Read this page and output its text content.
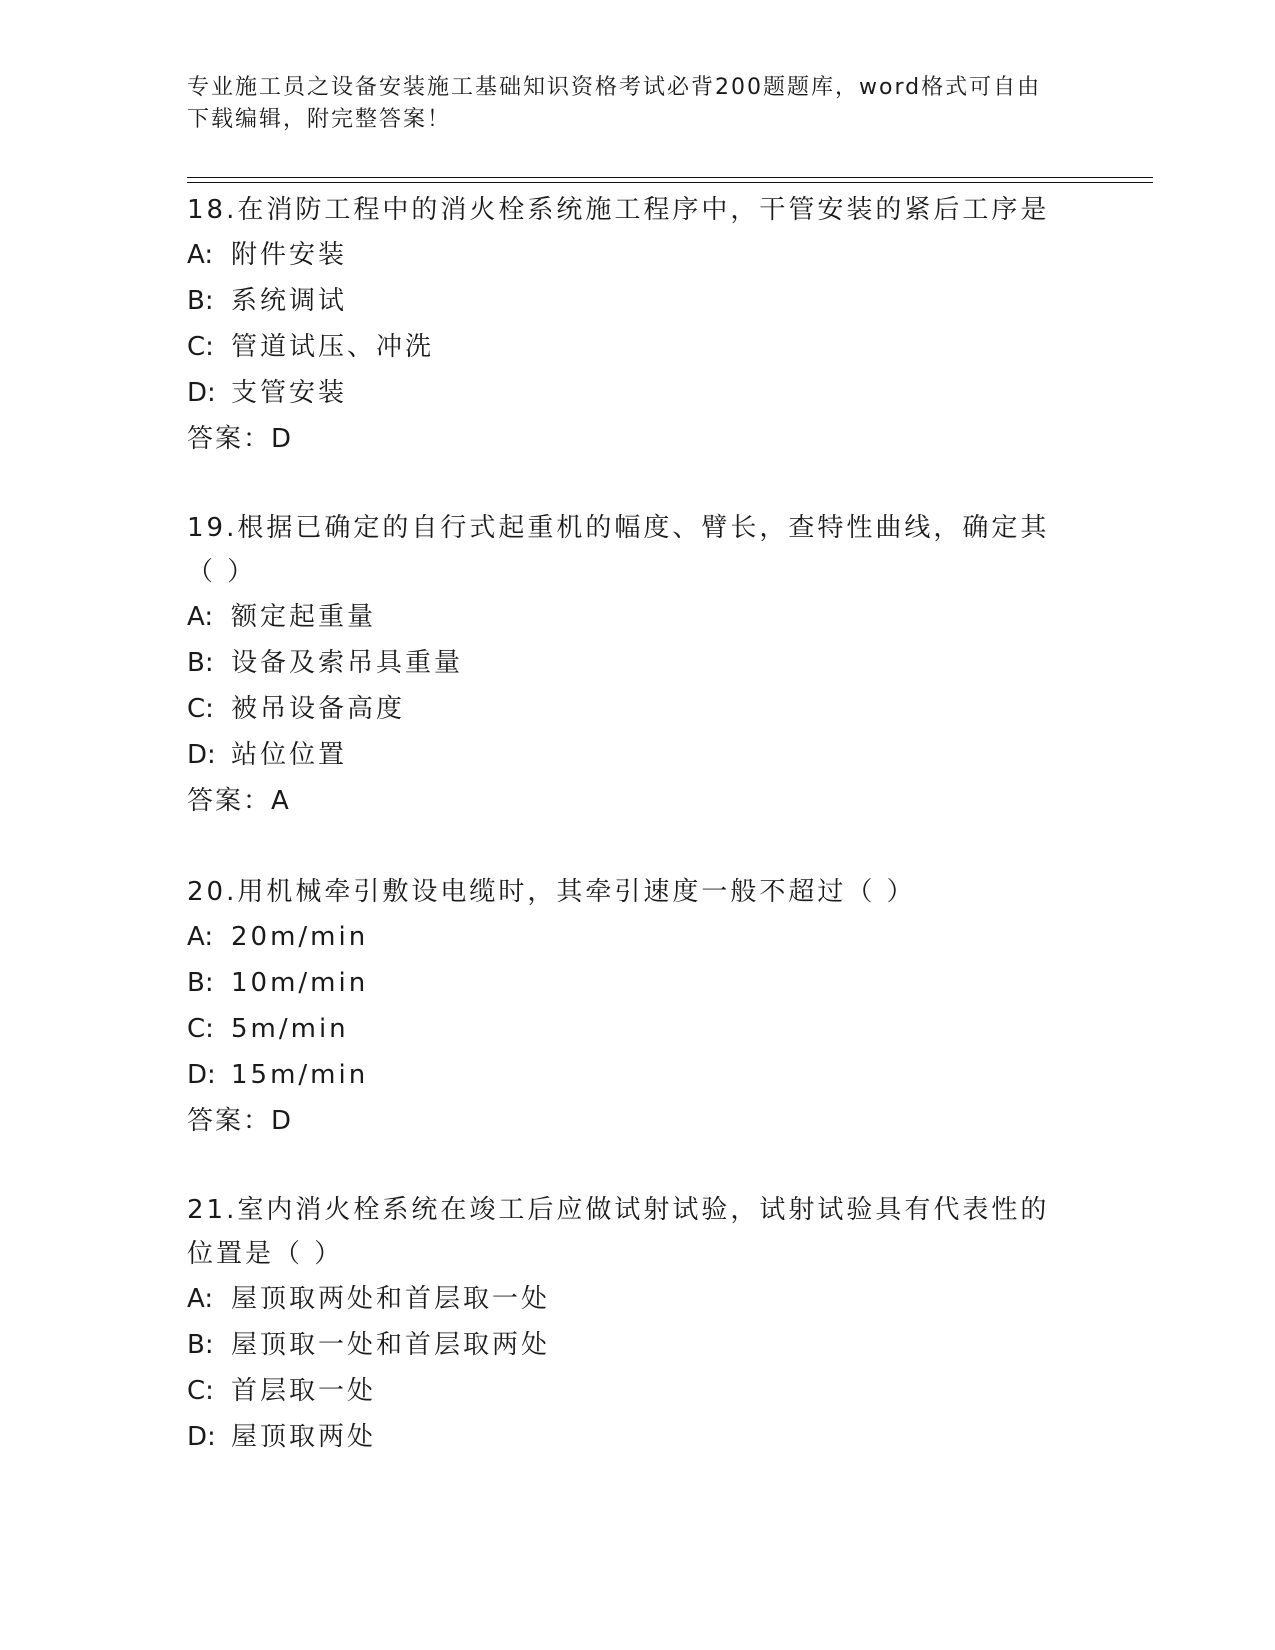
专业施工员之设备安装施工基础知识资格考试必背200题题库，word格式可自由
下载编辑，附完整答案！

18.在消防工程中的消火栓系统施工程序中，干管安装的紧后工序是

A: 附件安装

B: 系统调试

C: 管道试压、冲洗

D: 支管安装

答案：D

19.根据已确定的自行式起重机的幅度、臂长，查特性曲线，确定其（ ）

A: 额定起重量

B: 设备及索吊具重量

C: 被吊设备高度

D: 站位位置

答案：A

20.用机械牵引敷设电缆时，其牵引速度一般不超过（ ）

A: 20m/min

B: 10m/min

C: 5m/min

D: 15m/min

答案：D

21.室内消火栓系统在竣工后应做试射试验，试射试验具有代表性的位置是（ ）

A: 屋顶取两处和首层取一处

B: 屋顶取一处和首层取两处

C: 首层取一处

D: 屋顶取两处
